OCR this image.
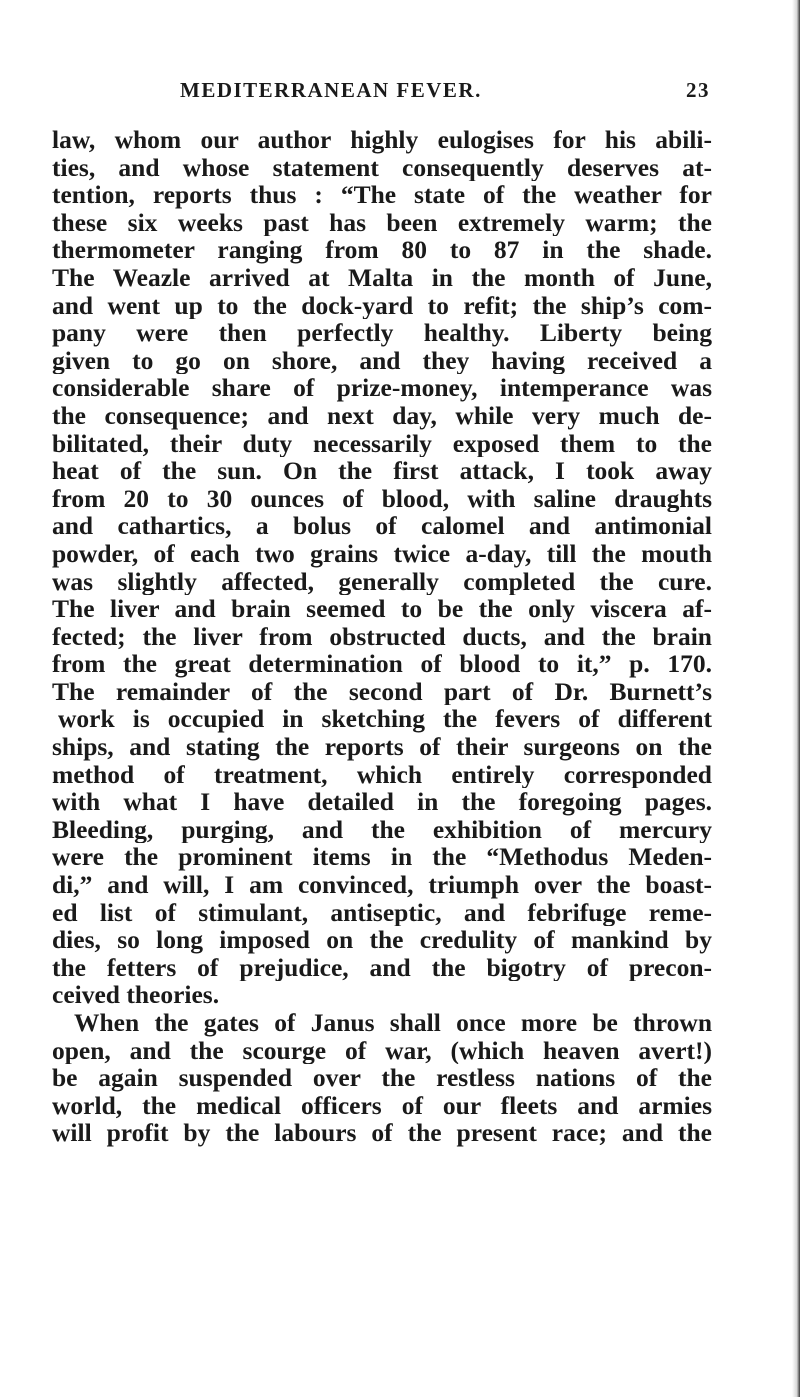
MEDITERRANEAN FEVER.	23
law, whom our author highly eulogises for his abili-
ties, and whose statement consequently deserves at-
tention, reports thus : “The state of the weather for
these six weeks past has been extremely warm; the
thermometer ranging from 80 to 87 in the shade.
The Weazle arrived at Malta in the month of June,
and went up to the dock-yard to refit; the ship’s com-
pany were then perfectly healthy. Liberty being
given to go on shore, and they having received a
considerable share of prize-money, intemperance was
the consequence; and next day, while very much de-
bilitated, their duty necessarily exposed them to the
heat of the sun. On the first attack, I took away
from 20 to 30 ounces of blood, with saline draughts
and cathartics, a bolus of calomel and antimonial
powder, of each two grains twice a-day, till the mouth
was slightly affected, generally completed the cure.
The liver and brain seemed to be the only viscera af-
fected; the liver from obstructed ducts, and the brain
from the great determination of blood to it,” p. 170.
The remainder of the second part of Dr. Burnett’s
work is occupied in sketching the fevers of different
ships, and stating the reports of their surgeons on the
method of treatment, which entirely corresponded
with what I have detailed in the foregoing pages.
Bleeding, purging, and the exhibition of mercury
were the prominent items in the “Methodus Meden-
di,” and will, I am convinced, triumph over the boast-
ed list of stimulant, antiseptic, and febrifuge reme-
dies, so long imposed on the credulity of mankind by
the fetters of prejudice, and the bigotry of precon-
ceived theories.
When the gates of Janus shall once more be thrown
open, and the scourge of war, (which heaven avert!)
be again suspended over the restless nations of the
world, the medical officers of our fleets and armies
will profit by the labours of the present race; and the
